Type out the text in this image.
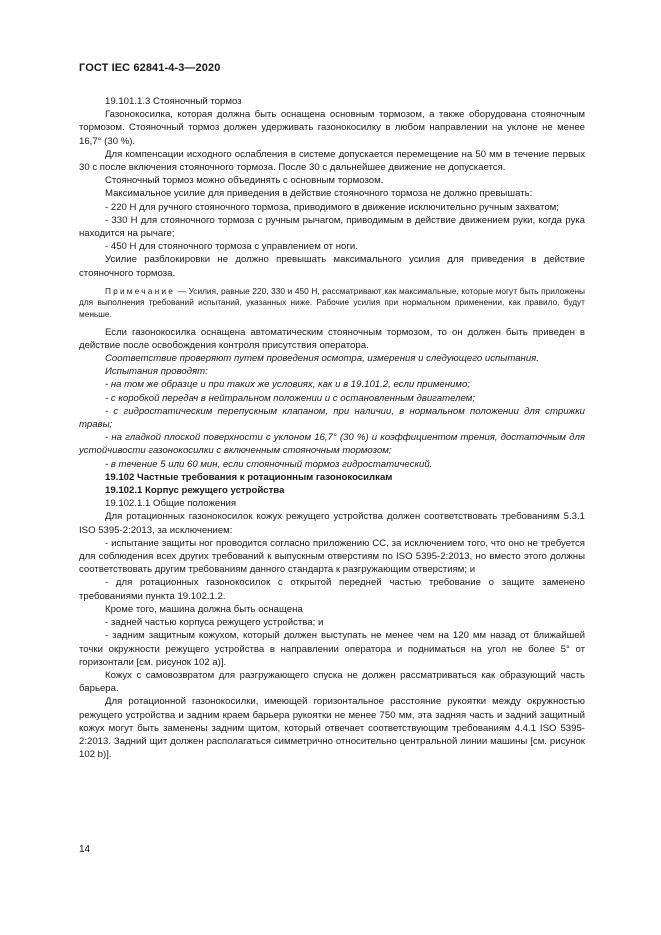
ГОСТ IEC 62841-4-3—2020

19.101.1.3 Стояночный тормоз

Газонокосилка, которая должна быть оснащена основным тормозом, а также оборудована стояночным тормозом. Стояночный тормоз должен удерживать газонокосилку в любом направлении на уклоне не менее 16,7° (30 %).

Для компенсации исходного ослабления в системе допускается перемещение на 50 мм в течение первых 30 с после включения стояночного тормоза. После 30 с дальнейшее движение не допускается.

Стояночный тормоз можно объединять с основным тормозом.

Максимальное усилие для приведения в действие стояночного тормоза не должно превышать:

- 220 Н для ручного стояночного тормоза, приводимого в движение исключительно ручным захватом;

- 330 Н для стояночного тормоза с ручным рычагом, приводимым в действие движением руки, когда рука находится на рычаге;

- 450 Н для стояночного тормоза с управлением от ноги.

Усилие разблокировки не должно превышать максимального усилия для приведения в действие стояночного тормоза.

Примечание — Усилия, равные 220, 330 и 450 Н, рассматривают как максимальные, которые могут быть приложены для выполнения требований испытаний, указанных ниже. Рабочие усилия при нормальном применении, как правило, будут меньше.

Если газонокосилка оснащена автоматическим стояночным тормозом, то он должен быть приведен в действие после освобождения контроля присутствия оператора.

Соответствие проверяют путем проведения осмотра, измерения и следующего испытания.

Испытания проводят:

- на том же образце и при таких же условиях, как и в 19.101.2, если применимо;

- с коробкой передач в нейтральном положении и с остановленным двигателем;

- с гидростатическим перепускным клапаном, при наличии, в нормальном положении для стрижки травы;

- на гладкой плоской поверхности с уклоном 16,7° (30 %) и коэффициентом трения, достаточным для устойчивости газонокосилки с включенным стояночным тормозом;

- в течение 5 или 60 мин, если стояночный тормоз гидростатический.

19.102 Частные требования к ротационным газонокосилкам

19.102.1 Корпус режущего устройства

19.102.1.1 Общие положения

Для ротационных газонокосилок кожух режущего устройства должен соответствовать требованиям 5.3.1 ISO 5395-2:2013, за исключением:

- испытание защиты ног проводится согласно приложению СС, за исключением того, что оно не требуется для соблюдения всех других требований к выпускным отверстиям по ISO 5395-2:2013, но вместо этого должны соответствовать другим требованиям данного стандарта к разгружающим отверстиям; и

- для ротационных газонокосилок с открытой передней частью требование о защите заменено требованиями пункта 19.102.1.2.

Кроме того, машина должна быть оснащена

- задней частью корпуса режущего устройства; и

- задним защитным кожухом, который должен выступать не менее чем на 120 мм назад от ближайшей точки окружности режущего устройства в направлении оператора и подниматься на угол не более 5° от горизонтали [см. рисунок 102 а)].

Кожух с самовозвратом для разгружающего спуска не должен рассматриваться как образующий часть барьера.

Для ротационной газонокосилки, имеющей горизонтальное расстояние рукоятки между окружностью режущего устройства и задним краем барьера рукоятки не менее 750 мм, эта задняя часть и задний защитный кожух могут быть заменены задним щитом, который отвечает соответствующим требованиям 4.4.1 ISO 5395-2:2013. Задний щит должен располагаться симметрично относительно центральной линии машины [см. рисунок 102 b)].

14
